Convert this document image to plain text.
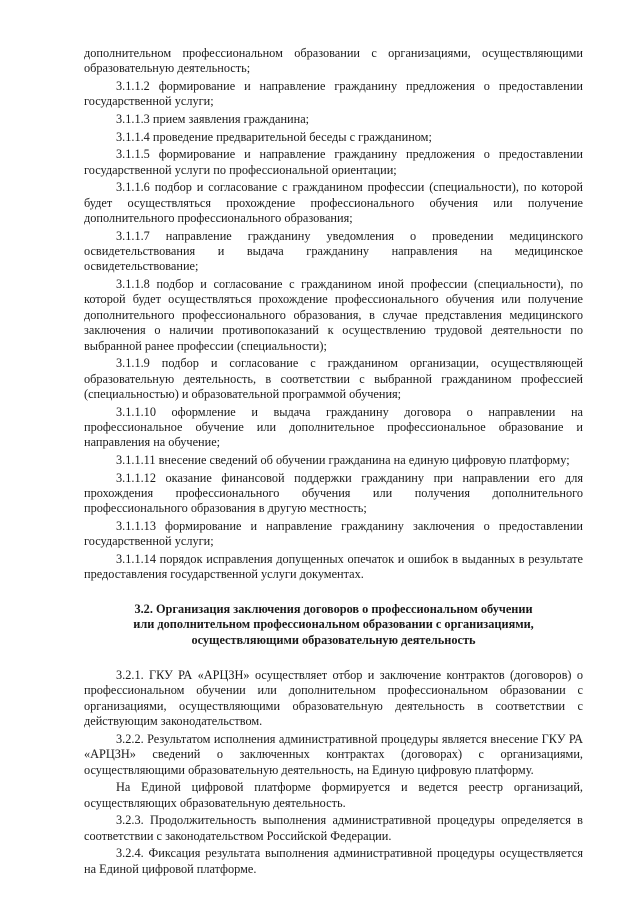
дополнительном профессиональном образовании с организациями, осуществляющими образовательную деятельность;

3.1.1.2 формирование и направление гражданину предложения о предоставлении государственной услуги;

3.1.1.3 прием заявления гражданина;

3.1.1.4 проведение предварительной беседы с гражданином;

3.1.1.5 формирование и направление гражданину предложения о предоставлении государственной услуги по профессиональной ориентации;

3.1.1.6 подбор и согласование с гражданином профессии (специальности), по которой будет осуществляться прохождение профессионального обучения или получение дополнительного профессионального образования;

3.1.1.7 направление гражданину уведомления о проведении медицинского освидетельствования и выдача гражданину направления на медицинское освидетельствование;

3.1.1.8 подбор и согласование с гражданином иной профессии (специальности), по которой будет осуществляться прохождение профессионального обучения или получение дополнительного профессионального образования, в случае представления медицинского заключения о наличии противопоказаний к осуществлению трудовой деятельности по выбранной ранее профессии (специальности);

3.1.1.9 подбор и согласование с гражданином организации, осуществляющей образовательную деятельность, в соответствии с выбранной гражданином профессией (специальностью) и образовательной программой обучения;

3.1.1.10 оформление и выдача гражданину договора о направлении на профессиональное обучение или дополнительное профессиональное образование и направления на обучение;

3.1.1.11 внесение сведений об обучении гражданина на единую цифровую платформу;

3.1.1.12 оказание финансовой поддержки гражданину при направлении его для прохождения профессионального обучения или получения дополнительного профессионального образования в другую местность;

3.1.1.13 формирование и направление гражданину заключения о предоставлении государственной услуги;

3.1.1.14 порядок исправления допущенных опечаток и ошибок в выданных в результате предоставления государственной услуги документах.

3.2. Организация заключения договоров о профессиональном обучении
или дополнительном профессиональном образовании с организациями,
осуществляющими образовательную деятельность

3.2.1. ГКУ РА «АРЦЗН» осуществляет отбор и заключение контрактов (договоров) о профессиональном обучении или дополнительном профессиональном образовании с организациями, осуществляющими образовательную деятельность в соответствии с действующим законодательством.

3.2.2. Результатом исполнения административной процедуры является внесение ГКУ РА «АРЦЗН» сведений о заключенных контрактах (договорах) с организациями, осуществляющими образовательную деятельность, на Единую цифровую платформу.

На Единой цифровой платформе формируется и ведется реестр организаций, осуществляющих образовательную деятельность.

3.2.3. Продолжительность выполнения административной процедуры определяется в соответствии с законодательством Российской Федерации.

3.2.4. Фиксация результата выполнения административной процедуры осуществляется на Единой цифровой платформе.
